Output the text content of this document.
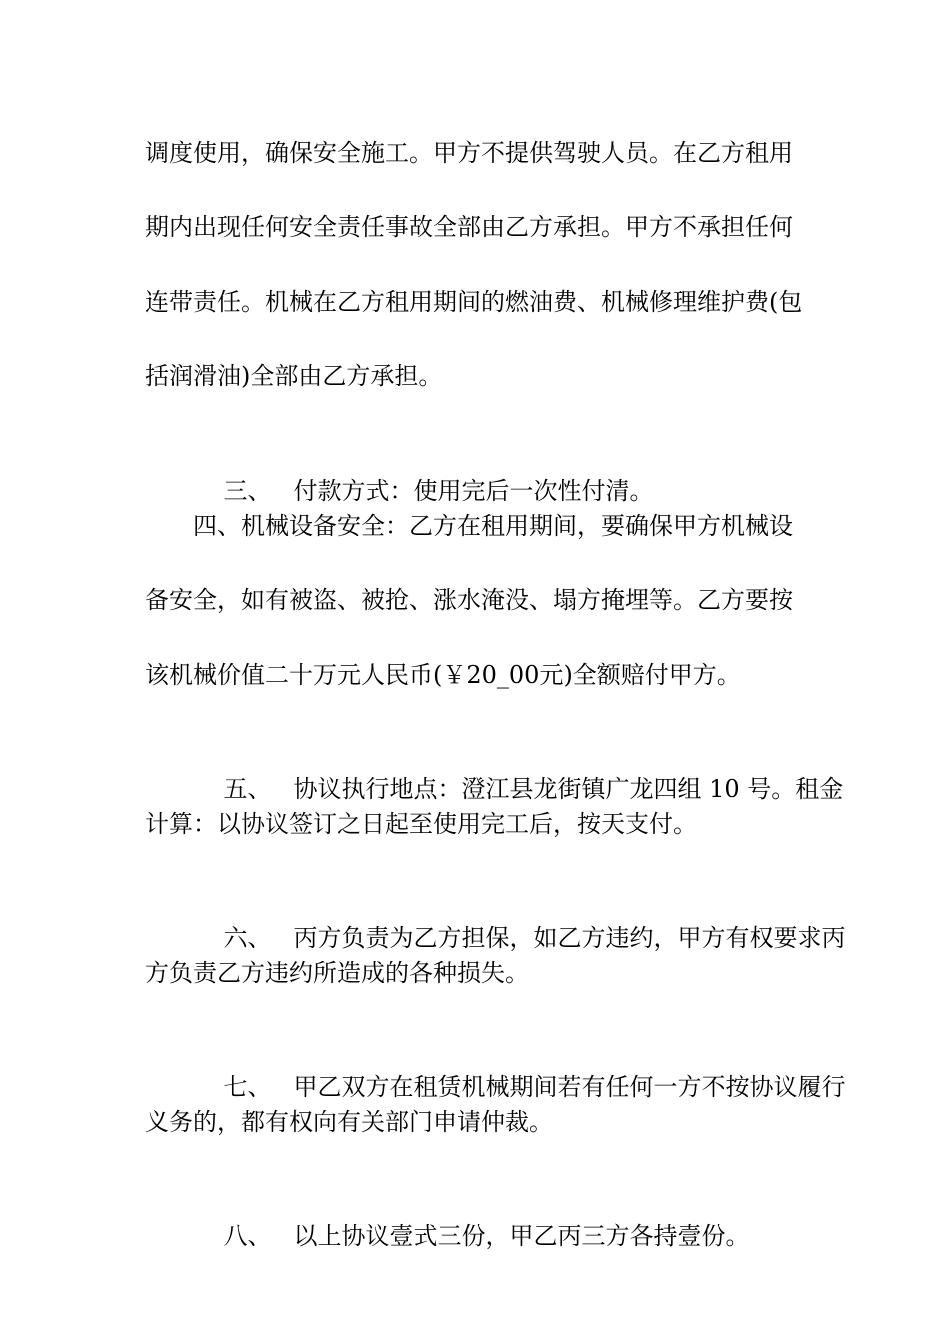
调度使用，确保安全施工。甲方不提供驾驶人员。在乙方租用
期内出现任何安全责任事故全部由乙方承担。甲方不承担任何
连带责任。机械在乙方租用期间的燃油费、机械修理维护费(包
括润滑油)全部由乙方承担。

三、 付款方式：使用完后一次性付清。

四、机械设备安全：乙方在租用期间，要确保甲方机械设
备安全，如有被盗、被抢、涨水淹没、塌方掩埋等。乙方要按
该机械价值二十万元人民币(￥20_00元)全额赔付甲方。

五、 协议执行地点：澄江县龙街镇广龙四组 10 号。租金

计算：以协议签订之日起至使用完工后，按天支付。

六、 丙方负责为乙方担保，如乙方违约，甲方有权要求丙

方负责乙方违约所造成的各种损失。

七、 甲乙双方在租赁机械期间若有任何一方不按协议履行

义务的，都有权向有关部门申请仲裁。

八、 以上协议壹式三份，甲乙丙三方各持壹份。
